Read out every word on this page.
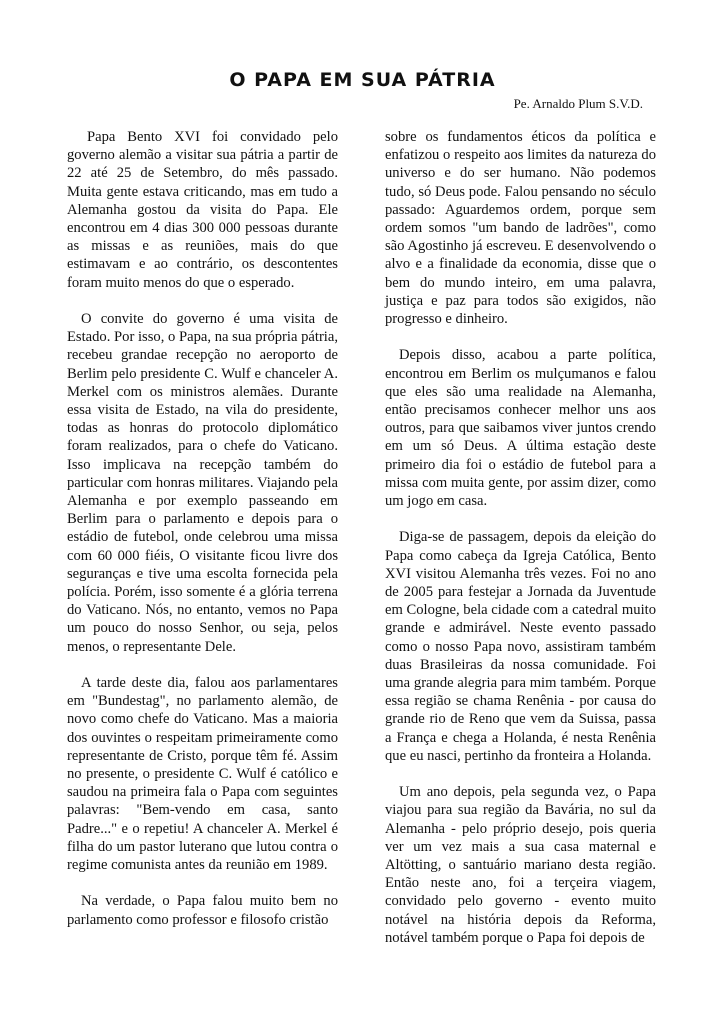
O PAPA EM SUA PÁTRIA

Pe. Arnaldo Plum S.V.D.

Papa Bento XVI foi convidado pelo governo alemão a visitar sua pátria a partir de 22 até 25 de Setembro, do mês passado. Muita gente estava criticando, mas em tudo a Alemanha gostou da visita do Papa. Ele encontrou em 4 dias 300 000 pessoas durante as missas e as reuniões, mais do que estimavam e ao contrário, os descontentes foram muito menos do que o esperado.

O convite do governo é uma visita de Estado. Por isso, o Papa, na sua própria pátria, recebeu grandae recepção no aeroporto de Berlim pelo presidente C. Wulf e chanceler A. Merkel com os ministros alemães. Durante essa visita de Estado, na vila do presidente, todas as honras do protocolo diplomático foram realizados, para o chefe do Vaticano. Isso implicava na recepção também do particular com honras militares. Viajando pela Alemanha e por exemplo passeando em Berlim para o parlamento e depois para o estádio de futebol, onde celebrou uma missa com 60 000 fiéis, O visitante ficou livre dos seguranças e tive uma escolta fornecida pela polícia. Porém, isso somente é a glória terrena do Vaticano. Nós, no entanto, vemos no Papa um pouco do nosso Senhor, ou seja, pelos menos, o representante Dele.

A tarde deste dia, falou aos parlamentares em "Bundestag", no parlamento alemão, de novo como chefe do Vaticano. Mas a maioria dos ouvintes o respeitam primeiramente como representante de Cristo, porque têm fé. Assim no presente, o presidente C. Wulf é católico e saudou na primeira fala o Papa com seguintes palavras: "Bem-vendo em casa, santo Padre..." e o repetiu! A chanceler A. Merkel é filha do um pastor luterano que lutou contra o regime comunista antes da reunião em 1989.

Na verdade, o Papa falou muito bem no parlamento como professor e filosofo cristão

sobre os fundamentos éticos da política e enfatizou o respeito aos limites da natureza do universo e do ser humano. Não podemos tudo, só Deus pode. Falou pensando no século passado: Aguardemos ordem, porque sem ordem somos "um bando de ladrões", como são Agostinho já escreveu. E desenvolvendo o alvo e a finalidade da economia, disse que o bem do mundo inteiro, em uma palavra, justiça e paz para todos são exigidos, não progresso e dinheiro.

Depois disso, acabou a parte política, encontrou em Berlim os mulçumanos e falou que eles são uma realidade na Alemanha, então precisamos conhecer melhor uns aos outros, para que saibamos viver juntos crendo em um só Deus. A última estação deste primeiro dia foi o estádio de futebol para a missa com muita gente, por assim dizer, como um jogo em casa.

Diga-se de passagem, depois da eleição do Papa como cabeça da Igreja Católica, Bento XVI visitou Alemanha três vezes. Foi no ano de 2005 para festejar a Jornada da Juventude em Cologne, bela cidade com a catedral muito grande e admirável. Neste evento passado como o nosso Papa novo, assistiram também duas Brasileiras da nossa comunidade. Foi uma grande alegria para mim também. Porque essa região se chama Renênia - por causa do grande rio de Reno que vem da Suissa, passa a França e chega a Holanda, é nesta Renênia que eu nasci, pertinho da fronteira a Holanda.

Um ano depois, pela segunda vez, o Papa viajou para sua região da Bavária, no sul da Alemanha - pelo próprio desejo, pois queria ver um vez mais a sua casa maternal e Altötting, o santuário mariano desta região. Então neste ano, foi a terçeira viagem, convidado pelo governo - evento muito notável na história depois da Reforma, notável também porque o Papa foi depois de
